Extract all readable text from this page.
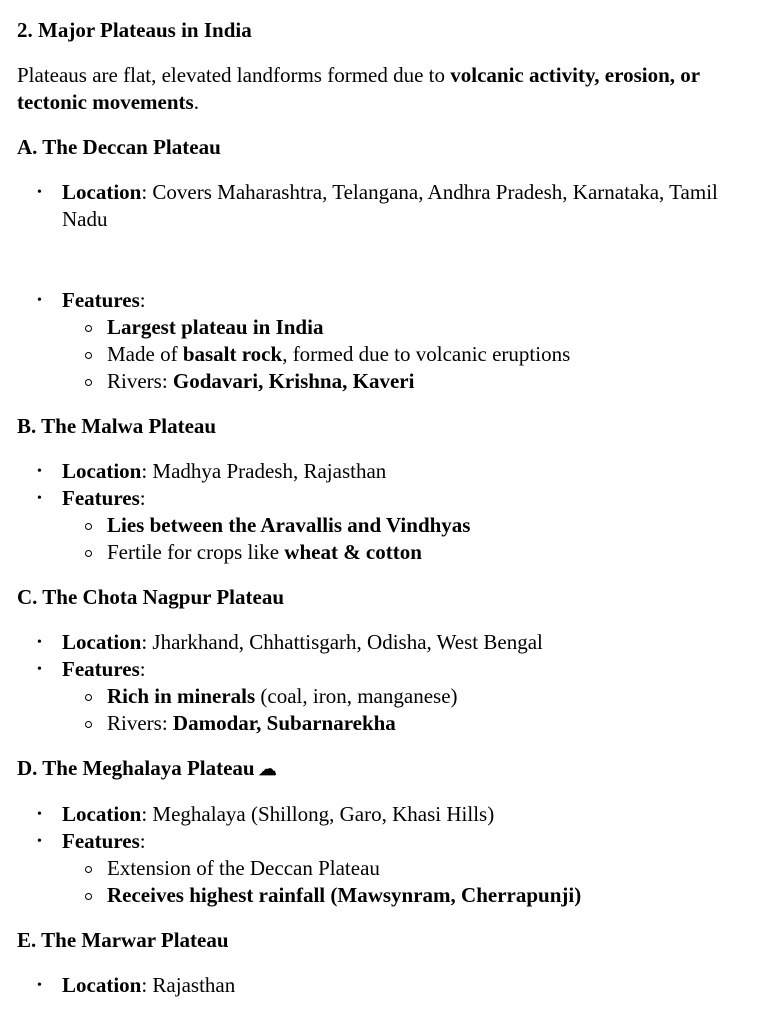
2. Major Plateaus in India

Plateaus are flat, elevated landforms formed due to volcanic activity, erosion, or tectonic movements.

A. The Deccan Plateau
• Location: Covers Maharashtra, Telangana, Andhra Pradesh, Karnataka, Tamil Nadu
• Features:
Largest plateau in India
Made of basalt rock, formed due to volcanic eruptions
Rivers: Godavari, Krishna, Kaveri
B. The Malwa Plateau
• Location: Madhya Pradesh, Rajasthan
• Features:
Lies between the Aravallis and Vindhyas
Fertile for crops like wheat & cotton
C. The Chota Nagpur Plateau
• Location: Jharkhand, Chhattisgarh, Odisha, West Bengal
• Features:
Rich in minerals (coal, iron, manganese)
Rivers: Damodar, Subarnarekha
D. The Meghalaya Plateau ☁
• Location: Meghalaya (Shillong, Garo, Khasi Hills)
• Features:
Extension of the Deccan Plateau
Receives highest rainfall (Mawsynram, Cherrapunji)
E. The Marwar Plateau
• Location: Rajasthan
